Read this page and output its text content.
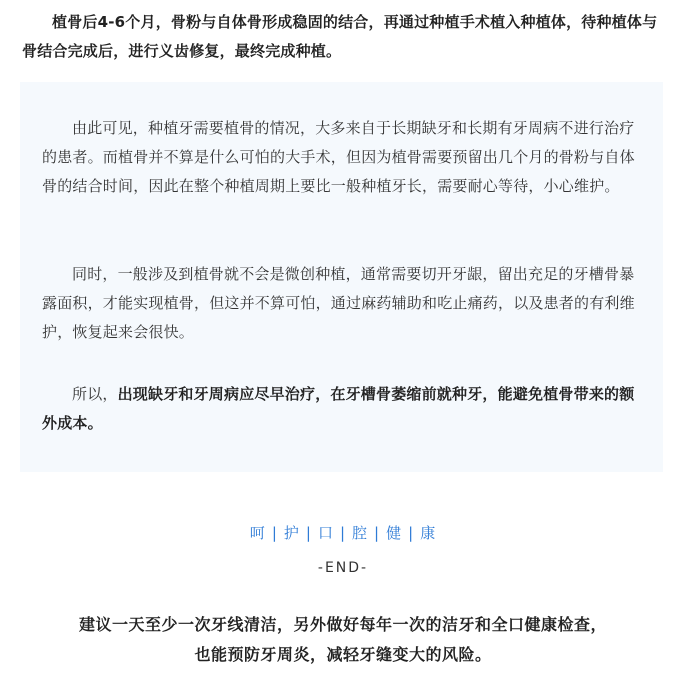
植骨后4-6个月，骨粉与自体骨形成稳固的结合，再通过种植手术植入种植体，待种植体与骨结合完成后，进行义齿修复，最终完成种植。

由此可见，种植牙需要植骨的情况，大多来自于长期缺牙和长期有牙周病不进行治疗的患者。而植骨并不算是什么可怕的大手术，但因为植骨需要预留出几个月的骨粉与自体骨的结合时间，因此在整个种植周期上要比一般种植牙长，需要耐心等待，小心维护。

同时，一般涉及到植骨就不会是微创种植，通常需要切开牙龈，留出充足的牙槽骨暴露面积，才能实现植骨，但这并不算可怕，通过麻药辅助和吃止痛药，以及患者的有利维护，恢复起来会很快。

所以，出现缺牙和牙周病应尽早治疗，在牙槽骨萎缩前就种牙，能避免植骨带来的额外成本。

呵 | 护 | 口 | 腔 | 健 | 康
-END-
建议一天至少一次牙线清洁，另外做好每年一次的洁牙和全口健康检查，
也能预防牙周炎，减轻牙缝变大的风险。
